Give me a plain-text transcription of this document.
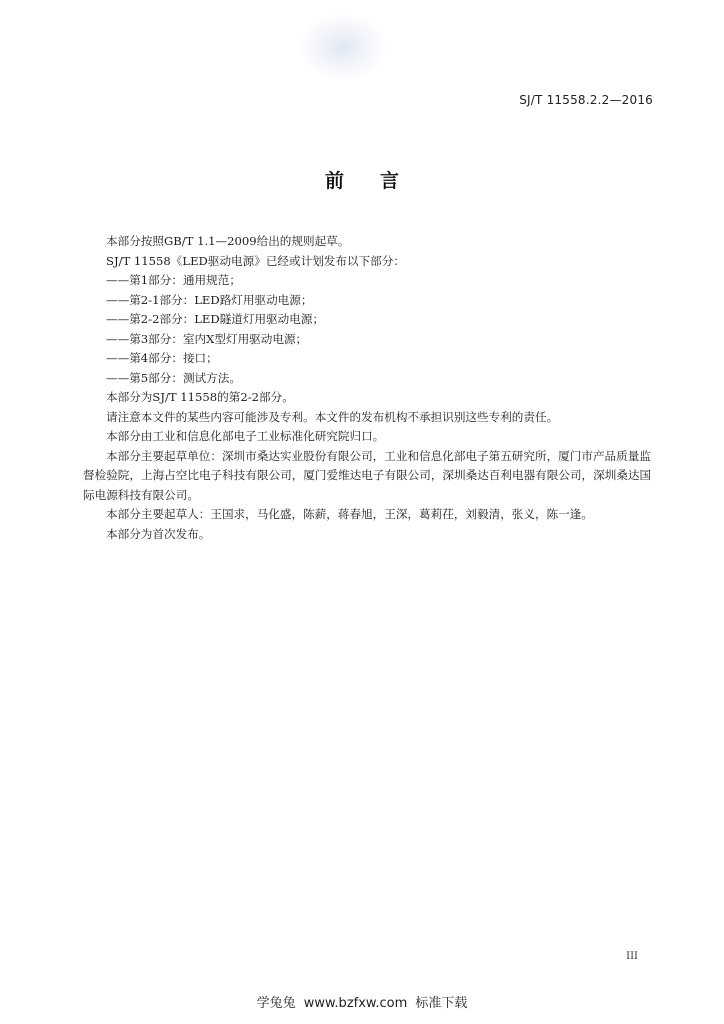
SJ/T 11558.2.2—2016
前言

本部分按照GB/T 1.1—2009给出的规则起草。

SJ/T 11558《LED驱动电源》已经或计划发布以下部分：

——第1部分：通用规范；

——第2-1部分：LED路灯用驱动电源；

——第2-2部分：LED隧道灯用驱动电源；

——第3部分：室内X型灯用驱动电源；

——第4部分：接口；

——第5部分：测试方法。

本部分为SJ/T 11558的第2-2部分。

请注意本文件的某些内容可能涉及专利。本文件的发布机构不承担识别这些专利的责任。

本部分由工业和信息化部电子工业标准化研究院归口。

本部分主要起草单位：深圳市桑达实业股份有限公司，工业和信息化部电子第五研究所，厦门市产品质量监督检验院，上海占空比电子科技有限公司，厦门爱维达电子有限公司，深圳桑达百利电器有限公司，深圳桑达国际电源科技有限公司。

本部分主要起草人：王国求，马化盛，陈薪，蒋春旭，王深，葛莉茌，刘毅清，张义，陈一逢。

本部分为首次发布。

III
学兔兔 www.bzfxw.com 标准下载
